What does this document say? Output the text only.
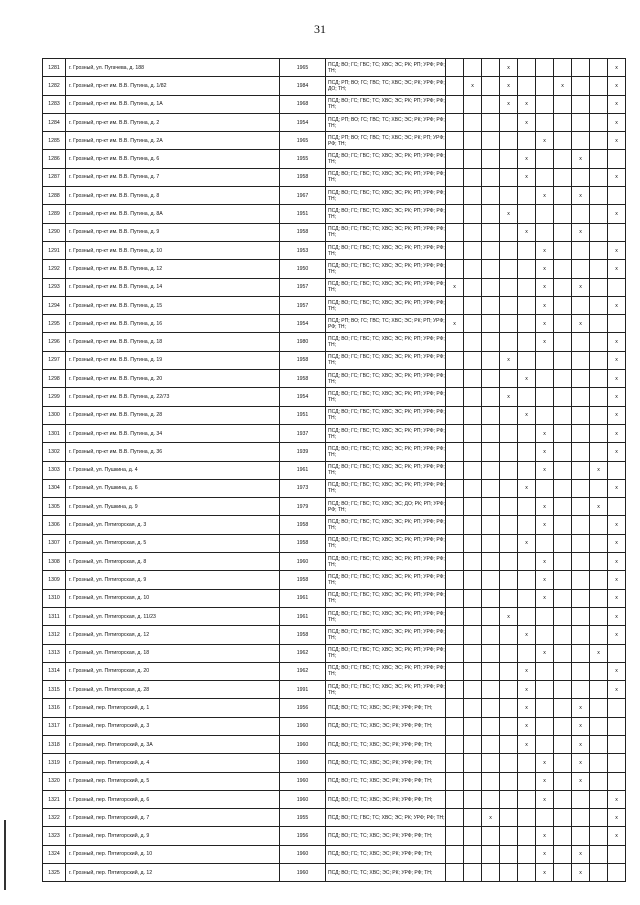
31
1281	г. Грозный, ул. Пугачева, д. 188	1965	ПСД; ВО; ГС; ГВС; ТС; ХВС; ЭС; РК; РП; УРФ; РФ; ТН;				x						x
1282	г. Грозный, пр-кт им. В.В. Путина, д. 1/82	1984	ПСД; РП; ВО; ГС; ГВС; ТС; ХВС; ЭС; РК; УРФ; РФ; ДО; ТН;		x		x			x			x
1283	г. Грозный, пр-кт им. В.В. Путина, д. 1А	1968	ПСД; ВО; ГС; ГВС; ТС; ХВС; ЭС; РК; РП; УРФ; РФ; ТН;				x	x					x
1284	г. Грозный, пр-кт им. В.В. Путина, д. 2	1954	ПСД; РП; ВО; ГС; ГВС; ТС; ХВС; ЭС; РК; УРФ; РФ; ТН;					x					x
1285	г. Грозный, пр-кт им. В.В. Путина, д. 2А	1965	ПСД; РП; ВО; ГС; ГВС; ТС; ХВС; ЭС; РК; РП; УРФ; РФ; ТН;						x				x
1286	г. Грозный, пр-кт им. В.В. Путина, д. 6	1955	ПСД; ВО; ГС; ГВС; ТС; ХВС; ЭС; РК; РП; УРФ; РФ; ТН;					x			x		
1287	г. Грозный, пр-кт им. В.В. Путина, д. 7	1958	ПСД; ВО; ГС; ГВС; ТС; ХВС; ЭС; РК; РП; УРФ; РФ; ТН;					x					x
1288	г. Грозный, пр-кт им. В.В. Путина, д. 8	1967	ПСД; ВО; ГС; ГВС; ТС; ХВС; ЭС; РК; РП; УРФ; РФ; ТН;						x		x		
1289	г. Грозный, пр-кт им. В.В. Путина, д. 8А	1951	ПСД; ВО; ГС; ГВС; ТС; ХВС; ЭС; РК; РП; УРФ; РФ; ТН;				x						x
1290	г. Грозный, пр-кт им. В.В. Путина, д. 9	1958	ПСД; ВО; ГС; ГВС; ТС; ХВС; ЭС; РК; РП; УРФ; РФ; ТН;					x			x		
1291	г. Грозный, пр-кт им. В.В. Путина, д. 10	1953	ПСД; ВО; ГС; ГВС; ТС; ХВС; ЭС; РК; РП; УРФ; РФ; ТН;						x				x
1292	г. Грозный, пр-кт им. В.В. Путина, д. 12	1950	ПСД; ВО; ГС; ГВС; ТС; ХВС; ЭС; РК; РП; УРФ; РФ; ТН;						x				x
1293	г. Грозный, пр-кт им. В.В. Путина, д. 14	1957	ПСД; ВО; ГС; ГВС; ТС; ХВС; ЭС; РК; РП; УРФ; РФ; ТН;	x					x		x		
1294	г. Грозный, пр-кт им. В.В. Путина, д. 15	1957	ПСД; ВО; ГС; ГВС; ТС; ХВС; ЭС; РК; РП; УРФ; РФ; ТН;						x				x
1295	г. Грозный, пр-кт им. В.В. Путина, д. 16	1954	ПСД; РП; ВО; ГС; ГВС; ТС; ХВС; ЭС; РК; РП; УРФ; РФ; ТН;	x					x		x		
1296	г. Грозный, пр-кт им. В.В. Путина, д. 18	1980	ПСД; ВО; ГС; ГВС; ТС; ХВС; ЭС; РК; РП; УРФ; РФ; ТН;						x				x
1297	г. Грозный, пр-кт им. В.В. Путина, д. 19	1958	ПСД; ВО; ГС; ГВС; ТС; ХВС; ЭС; РК; РП; УРФ; РФ; ТН;				x						x
1298	г. Грозный, пр-кт им. В.В. Путина, д. 20	1958	ПСД; ВО; ГС; ГВС; ТС; ХВС; ЭС; РК; РП; УРФ; РФ; ТН;					x					x
1299	г. Грозный, пр-кт им. В.В. Путина, д. 22/73	1954	ПСД; ВО; ГС; ГВС; ТС; ХВС; ЭС; РК; РП; УРФ; РФ; ТН;				x						x
1300	г. Грозный, пр-кт им. В.В. Путина, д. 28	1951	ПСД; ВО; ГС; ГВС; ТС; ХВС; ЭС; РК; РП; УРФ; РФ; ТН;					x					x
1301	г. Грозный, пр-кт им. В.В. Путина, д. 34	1937	ПСД; ВО; ГС; ГВС; ТС; ХВС; ЭС; РК; РП; УРФ; РФ; ТН;						x				x
1302	г. Грозный, пр-кт им. В.В. Путина, д. 36	1939	ПСД; ВО; ГС; ГВС; ТС; ХВС; ЭС; РК; РП; УРФ; РФ; ТН;						x				x
1303	г. Грозный, ул. Пушкина, д. 4	1961	ПСД; ВО; ГС; ГВС; ТС; ХВС; ЭС; РК; РП; УРФ; РФ; ТН;						x			x	
1304	г. Грозный, ул. Пушкина, д. 6	1973	ПСД; ВО; ГС; ГВС; ТС; ХВС; ЭС; РК; РП; УРФ; РФ; ТН;					x					x
1305	г. Грозный, ул. Пушкина, д. 9	1979	ПСД; ВО; ГС; ГВС; ТС; ХВС; ЭС; ДО; РК; РП; УРФ; РФ; ТН;						x			x	
1306	г. Грозный, ул. Пятигорская, д. 3	1958	ПСД; ВО; ГС; ГВС; ТС; ХВС; ЭС; РК; РП; УРФ; РФ; ТН;						x				x
1307	г. Грозный, ул. Пятигорская, д. 5	1958	ПСД; ВО; ГС; ГВС; ТС; ХВС; ЭС; РК; РП; УРФ; РФ; ТН;					x					x
1308	г. Грозный, ул. Пятигорская, д. 8	1960	ПСД; ВО; ГС; ГВС; ТС; ХВС; ЭС; РК; РП; УРФ; РФ; ТН;						x				x
1309	г. Грозный, ул. Пятигорская, д. 9	1958	ПСД; ВО; ГС; ГВС; ТС; ХВС; ЭС; РК; РП; УРФ; РФ; ТН;						x				x
1310	г. Грозный, ул. Пятигорская, д. 10	1961	ПСД; ВО; ГС; ГВС; ТС; ХВС; ЭС; РК; РП; УРФ; РФ; ТН;						x				x
1311	г. Грозный, ул. Пятигорская, д. 11/23	1961	ПСД; ВО; ГС; ГВС; ТС; ХВС; ЭС; РК; РП; УРФ; РФ; ТН;				x						x
1312	г. Грозный, ул. Пятигорская, д. 12	1958	ПСД; ВО; ГС; ГВС; ТС; ХВС; ЭС; РК; РП; УРФ; РФ; ТН;					x					x
1313	г. Грозный, ул. Пятигорская, д. 18	1962	ПСД; ВО; ГС; ГВС; ТС; ХВС; ЭС; РК; РП; УРФ; РФ; ТН;						x			x	
1314	г. Грозный, ул. Пятигорская, д. 20	1962	ПСД; ВО; ГС; ГВС; ТС; ХВС; ЭС; РК; РП; УРФ; РФ; ТН;					x					x
1315	г. Грозный, ул. Пятигорская, д. 28	1991	ПСД; ВО; ГС; ГВС; ТС; ХВС; ЭС; РК; РП; УРФ; РФ; ТН;					x					x
1316	г. Грозный, пер. Пятигорский, д. 1	1956	ПСД; ВО; ГС; ТС; ХВС; ЭС; РК; УРФ; РФ; ТН;					x			x		
1317	г. Грозный, пер. Пятигорский, д. 3	1960	ПСД; ВО; ГС; ТС; ХВС; ЭС; РК; УРФ; РФ; ТН;					x			x		
1318	г. Грозный, пер. Пятигорский, д. 3А	1960	ПСД; ВО; ГС; ТС; ХВС; ЭС; РК; УРФ; РФ; ТН;					x			x		
1319	г. Грозный, пер. Пятигорский, д. 4	1960	ПСД; ВО; ГС; ТС; ХВС; ЭС; РК; УРФ; РФ; ТН;						x		x		
1320	г. Грозный, пер. Пятигорский, д. 5	1960	ПСД; ВО; ГС; ТС; ХВС; ЭС; РК; УРФ; РФ; ТН;						x		x		
1321	г. Грозный, пер. Пятигорский, д. 6	1960	ПСД; ВО; ГС; ТС; ХВС; ЭС; РК; УРФ; РФ; ТН;						x				x
1322	г. Грозный, пер. Пятигорский, д. 7	1955	ПСД; ВО; ГС; ГВС; ТС; ХВС; ЭС; РК; УРФ; РФ; ТН;			x							x
1323	г. Грозный, пер. Пятигорский, д. 9	1956	ПСД; ВО; ГС; ТС; ХВС; ЭС; РК; УРФ; РФ; ТН;						x				x
1324	г. Грозный, пер. Пятигорский, д. 10	1960	ПСД; ВО; ГС; ТС; ХВС; ЭС; РК; УРФ; РФ; ТН;						x		x		
1325	г. Грозный, пер. Пятигорский, д. 12	1960	ПСД; ВО; ГС; ТС; ХВС; ЭС; РК; УРФ; РФ; ТН;						x		x		
